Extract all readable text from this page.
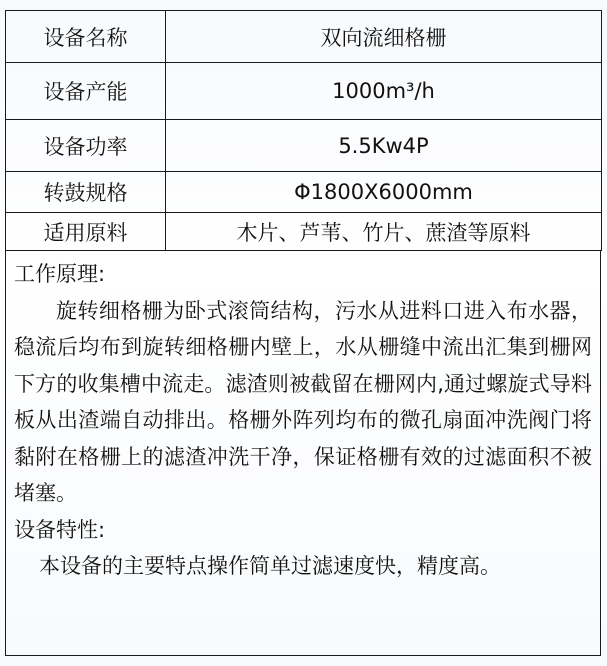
设备名称	双向流细格栅
设备产能	1000m³/h
设备功率	5.5Kw4P
转鼓规格	Φ1800X6000mm
适用原料	木片、芦苇、竹片、蔗渣等原料

工作原理:

旋转细格栅为卧式滚筒结构，污水从进料口进入布水器，稳流后均布到旋转细格栅内壁上，水从栅缝中流出汇集到栅网下方的收集槽中流走。滤渣则被截留在栅网内,通过螺旋式导料板从出渣端自动排出。格栅外阵列均布的微孔扇面冲洗阀门将黏附在格栅上的滤渣冲洗干净，保证格栅有效的过滤面积不被堵塞。

设备特性:

本设备的主要特点操作简单过滤速度快，精度高。
